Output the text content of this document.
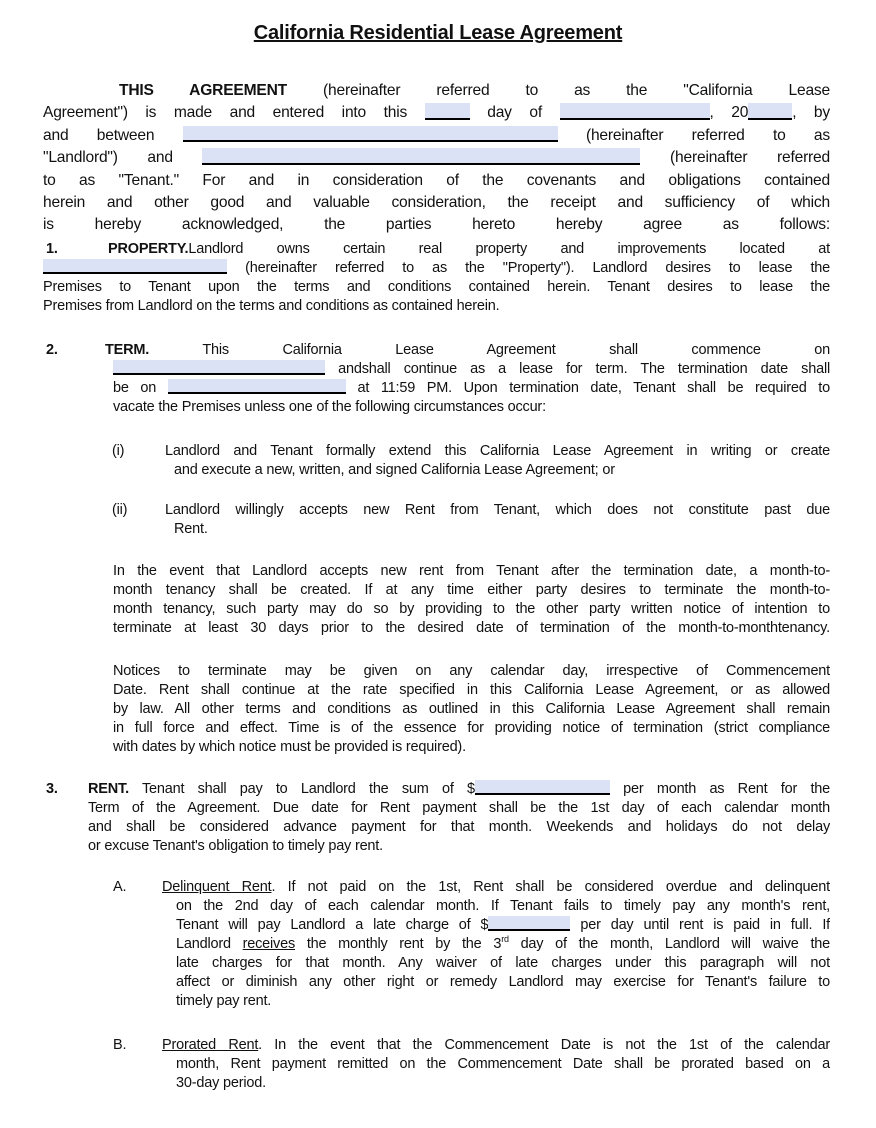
California Residential Lease Agreement
THIS AGREEMENT (hereinafter referred to as the "California Lease
Agreement") is made and entered into this	day of	, 20	, by
and between	(hereinafter referred to as
"Landlord") and	(hereinafter referred
to as "Tenant." For and in consideration of the covenants and obligations contained
herein and other good and valuable consideration, the receipt and sufficiency of which
is hereby acknowledged, the parties hereto hereby agree as follows:
1.	PROPERTY.Landlord owns certain real property and improvements located at
(hereinafter referred to as the "Property"). Landlord desires to lease the
Premises to Tenant upon the terms and conditions contained herein. Tenant desires to lease the
Premises from Landlord on the terms and conditions as contained herein.
2.	TERM. This California Lease Agreement shall commence on
andshall continue as a lease for term. The termination date shall
be on	at 11:59 PM. Upon termination date, Tenant shall be required to
vacate the Premises unless one of the following circumstances occur:
(i)	Landlord and Tenant formally extend this California Lease Agreement in writing or create
and execute a new, written, and signed California Lease Agreement; or
(ii)	Landlord willingly accepts new Rent from Tenant, which does not constitute past due
Rent.
In the event that Landlord accepts new rent from Tenant after the termination date, a month-to-
month tenancy shall be created. If at any time either party desires to terminate the month-to-
month tenancy, such party may do so by providing to the other party written notice of intention to
terminate at least 30 days prior to the desired date of termination of the month-to-monthtenancy.
Notices to terminate may be given on any calendar day, irrespective of Commencement
Date. Rent shall continue at the rate specified in this California Lease Agreement, or as allowed
by law. All other terms and conditions as outlined in this California Lease Agreement shall remain
in full force and effect. Time is of the essence for providing notice of termination (strict compliance
with dates by which notice must be provided is required).
3. RENT. Tenant shall pay to Landlord the sum of $	per month as Rent for the
Term of the Agreement. Due date for Rent payment shall be the 1st day of each calendar month
and shall be considered advance payment for that month. Weekends and holidays do not delay
or excuse Tenant's obligation to timely pay rent.
A. Delinquent Rent. If not paid on the 1st, Rent shall be considered overdue and delinquent
on the 2nd day of each calendar month. If Tenant fails to timely pay any month's rent,
Tenant will pay Landlord a late charge of $	per day until rent is paid in full. If
Landlord receives the monthly rent by the 3rd day of the month, Landlord will waive the
late charges for that month. Any waiver of late charges under this paragraph will not
affect or diminish any other right or remedy Landlord may exercise for Tenant's failure to
timely pay rent.
B. Prorated Rent. In the event that the Commencement Date is not the 1st of the calendar
month, Rent payment remitted on the Commencement Date shall be prorated based on a
30-day period.
